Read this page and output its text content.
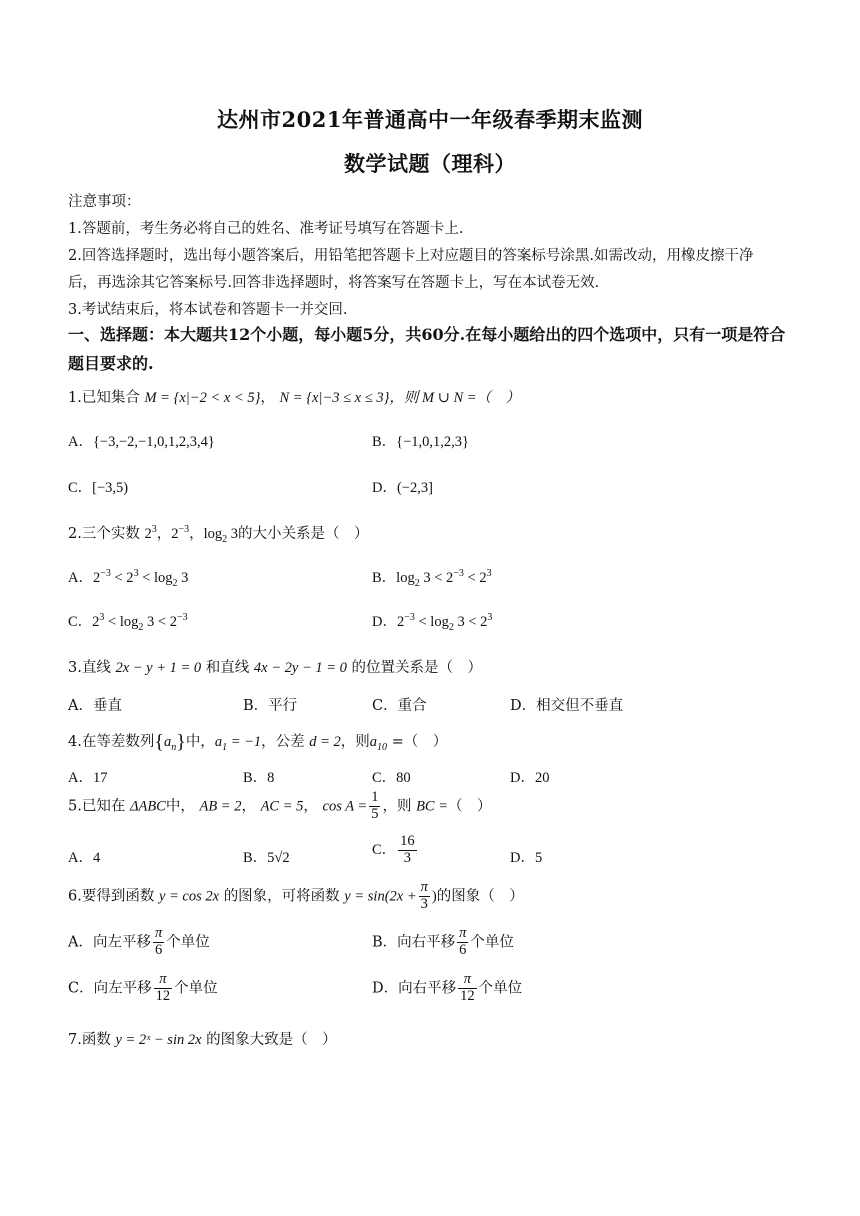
达州市2021年普通高中一年级春季期末监测
数学试题（理科）
注意事项：
1.答题前，考生务必将自己的姓名、准考证号填写在答题卡上.
2.回答选择题时，选出每小题答案后，用铅笔把答题卡上对应题目的答案标号涂黑.如需改动，用橡皮擦干净
后，再选涂其它答案标号.回答非选择题时，将答案写在答题卡上，写在本试卷无效.
3.考试结束后，将本试卷和答题卡一并交回.
一、选择题：本大题共12个小题，每小题5分，共60分.在每小题给出的四个选项中，只有一项是符合题目要求的.
1.已知集合 M = {x|−2 < x < 5}， N = {x|−3 ≤ x ≤ 3}，则 M ∪ N =（　）
A．{−3,−2,−1,0,1,2,3,4}	B．{−1,0,1,2,3}
C．[−3,5)	D．(−2,3]
2.三个实数 $2^3$，$2^{-3}$，$\log_2 3$的大小关系是（　）
A．$2^{-3} < 2^3 < \log_2 3$	B．$\log_2 3 < 2^{-3} < 2^3$
C．$2^3 < \log_2 3 < 2^{-3}$	D．$2^{-3} < \log_2 3 < 2^3$
3.直线 2x − y + 1 = 0 和直线 4x − 2y − 1 = 0 的位置关系是（　）
A．垂直	B．平行	C．重合	D．相交但不垂直
4.在等差数列$\{a_n\}$中，$a_1 = -1$，公差 d = 2，则$a_{10}$ =（　）
A．17	B．8	C．80	D．20
5.已知在 ΔABC中， AB = 2， AC = 5， $\cos A = \frac{1}{5}$ ，则 BC =（　）
A．4	B．5√2
C． $\frac{16}{3}$	D．5
6.要得到函数 y = cos 2x 的图象，可将函数 $y = \sin(2x + \frac{\pi}{3}$ )的图象（　）
A．向左平移 $\frac{\pi}{6}$ 个单位	B．向右平移 $\frac{\pi}{6}$ 个单位
C．向左平移 $\frac{\pi}{12}$ 个单位	D．向右平移 $\frac{\pi}{12}$ 个单位
7.函数 y = 2ˣ − sin 2x 的图象大致是（　）
